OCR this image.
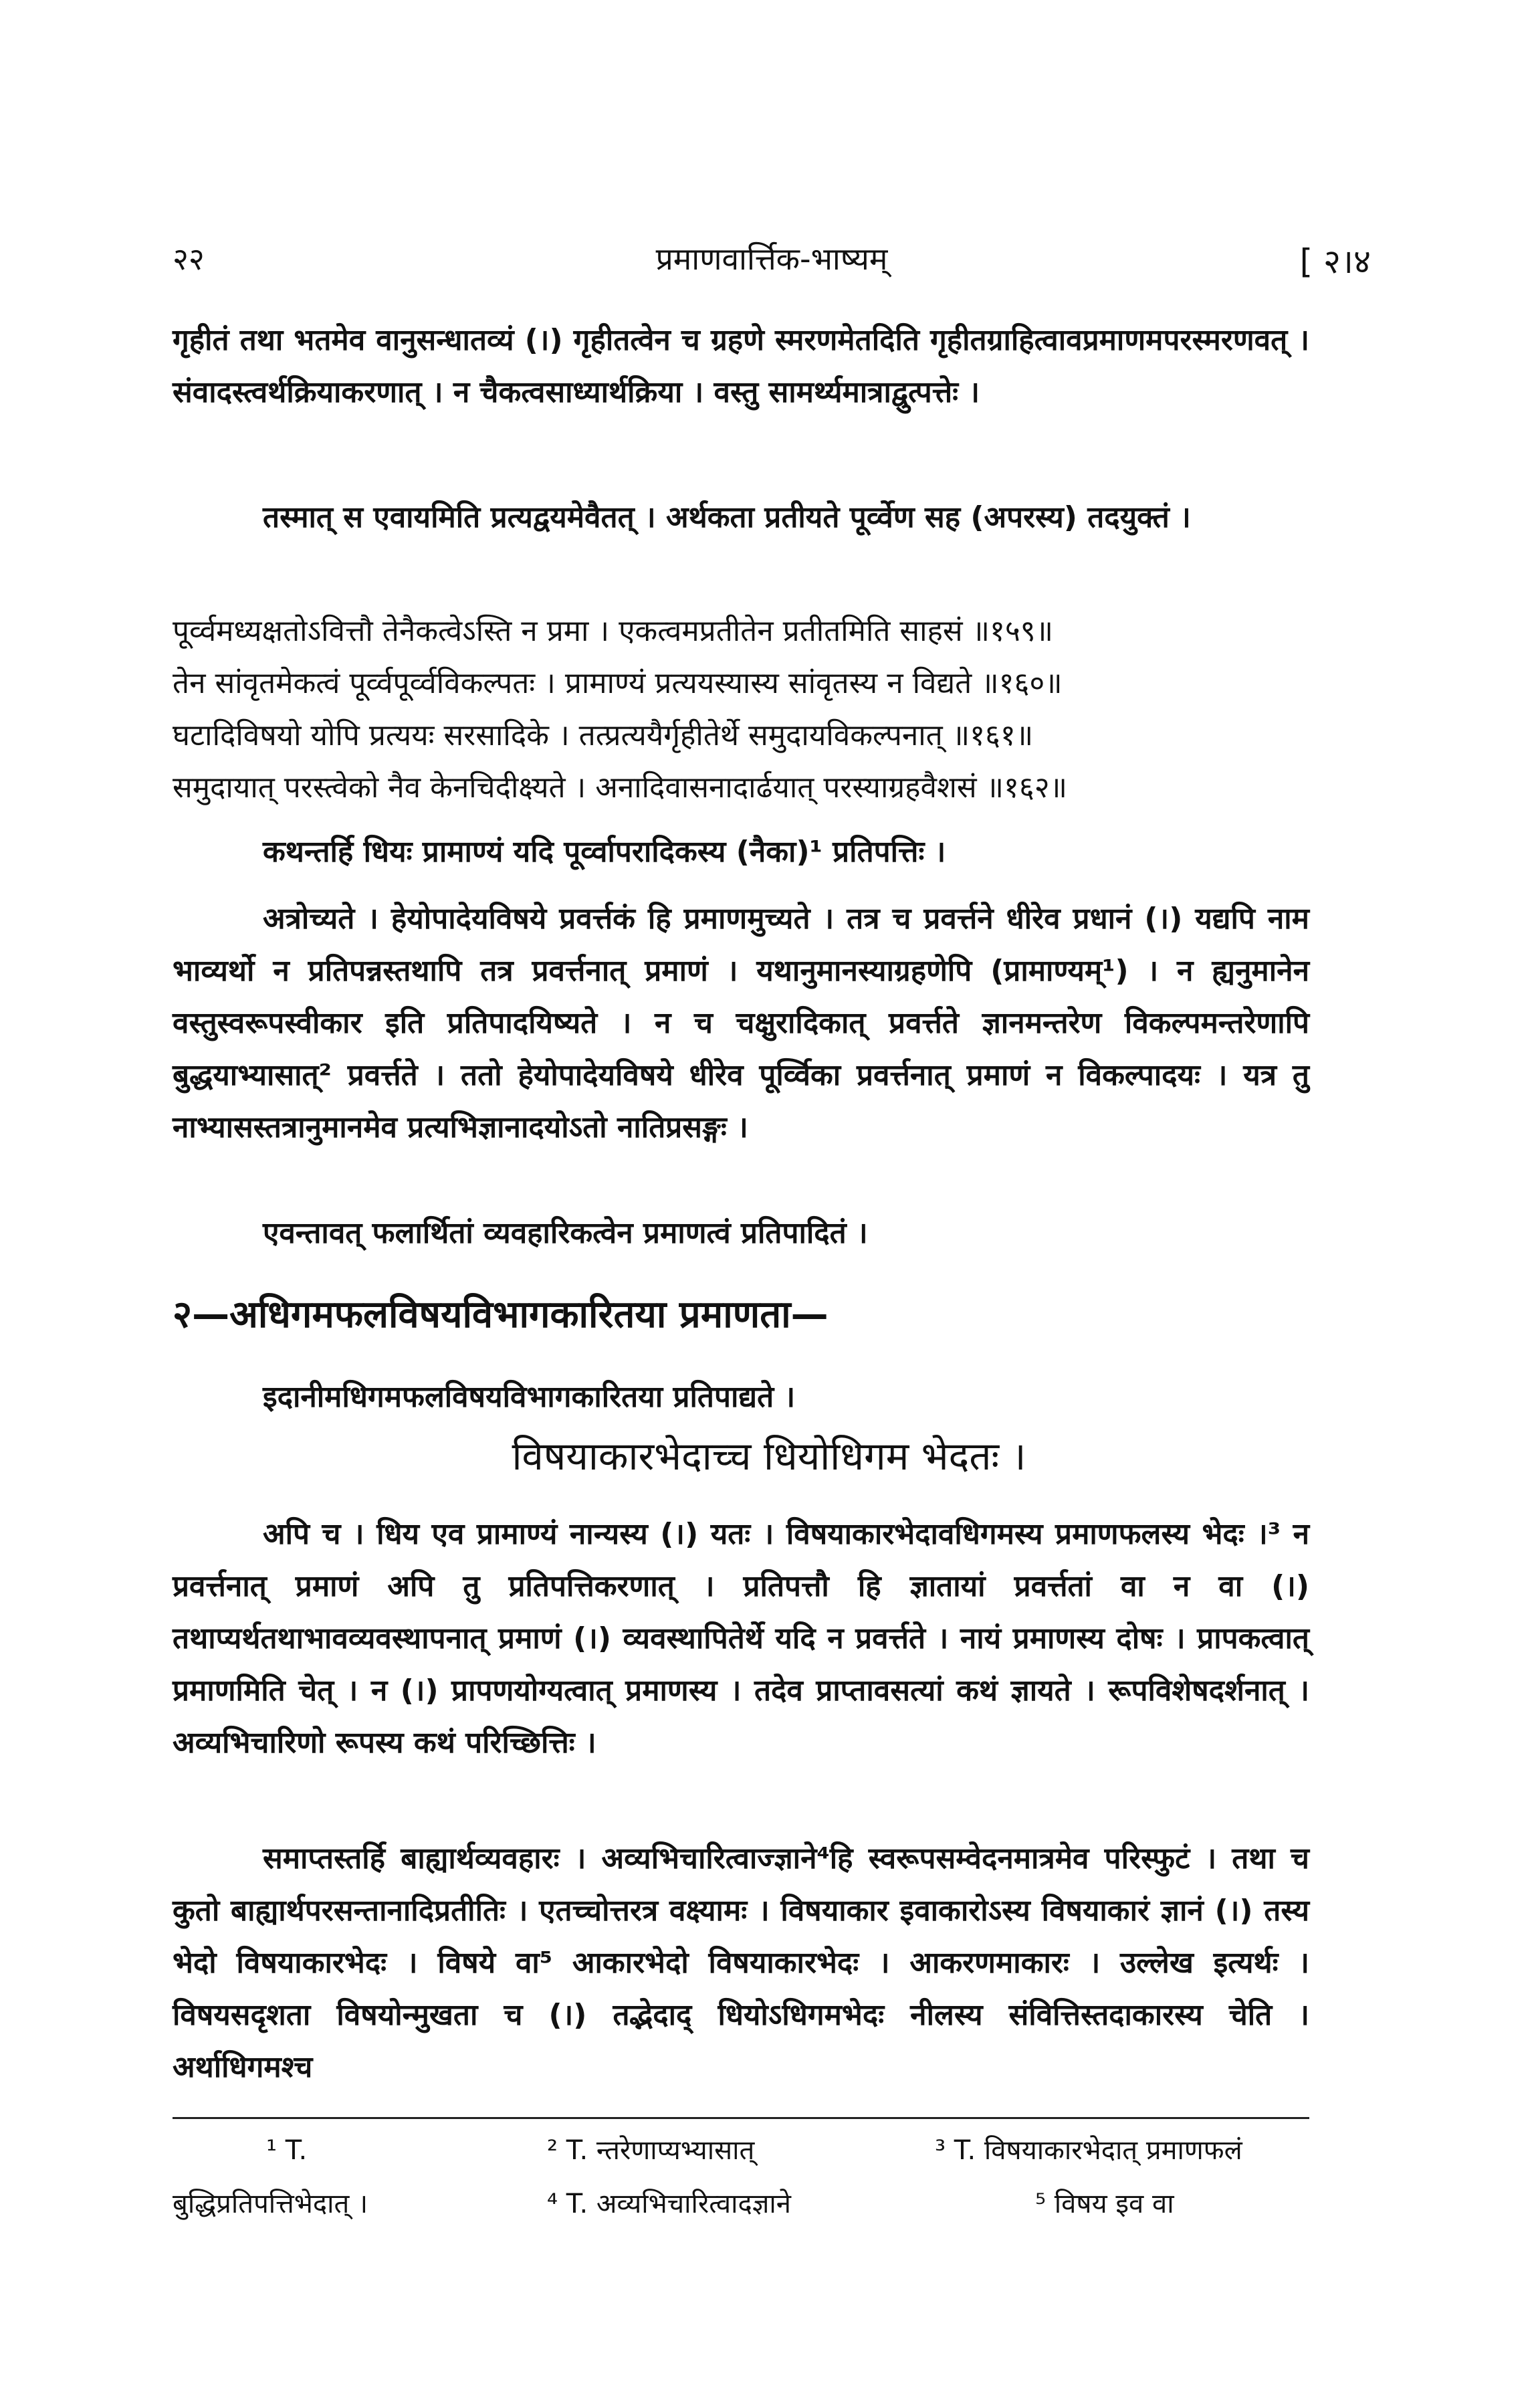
२२	प्रमाणवार्त्तिक-भाष्यम्	[ २।४

गृहीतं तथा भतमेव वानुसन्धातव्यं (।) गृहीतत्वेन च ग्रहणे स्मरणमेतदिति गृहीतग्राहित्वावप्रमाणमपरस्मरणवत् । संवादस्त्वर्थक्रियाकरणात् । न चैकत्वसाध्यार्थक्रिया । वस्तु सामर्थ्यमात्राद्वुत्पत्तेः ।

तस्मात् स एवायमिति प्रत्यद्वयमेवैतत् । अर्थकता प्रतीयते पूर्व्वेण सह (अपरस्य) तदयुक्तं ।

पूर्व्वमध्यक्षतोऽवित्तौ तेनैकत्वेऽस्ति न प्रमा । एकत्वमप्रतीतेन प्रतीतमिति साहसं ॥१५९॥
तेन सांवृतमेकत्वं पूर्व्वपूर्व्वविकल्पतः । प्रामाण्यं प्रत्ययस्यास्य सांवृतस्य न विद्यते ॥१६०॥
घटादिविषयो योपि प्रत्ययः सरसादिके । तत्प्रत्ययैर्गृहीतेर्थे समुदायविकल्पनात् ॥१६१॥
समुदायात् परस्त्वेको नैव केनचिदीक्ष्यते । अनादिवासनादार्ढयात् परस्याग्रहवैशसं ॥१६२॥

कथन्तर्हि धियः प्रामाण्यं यदि पूर्व्वापरादिकस्य (नैका)¹ प्रतिपत्तिः ।

अत्रोच्यते । हेयोपादेयविषये प्रवर्त्तकं हि प्रमाणमुच्यते । तत्र च प्रवर्त्तने धीरेव प्रधानं (।) यद्यपि नाम भाव्यर्थो न प्रतिपन्नस्तथापि तत्र प्रवर्त्तनात् प्रमाणं । यथानुमानस्याग्रहणेपि (प्रामाण्यम्¹) । न ह्यनुमानेन वस्तुस्वरूपस्वीकार इति प्रतिपादयिष्यते । न च चक्षुरादिकात् प्रवर्त्तते ज्ञानमन्तरेण विकल्पमन्तरेणापि बुद्धयाभ्यासात्² प्रवर्त्तते । ततो हेयोपादेयविषये धीरेव पूर्व्विका प्रवर्त्तनात् प्रमाणं न विकल्पादयः । यत्र तु नाभ्यासस्तत्रानुमानमेव प्रत्यभिज्ञानादयोऽतो नातिप्रसङ्गः ।

एवन्तावत् फलार्थितां व्यवहारिकत्वेन प्रमाणत्वं प्रतिपादितं ।

२—अधिगमफलविषयविभागकारितया प्रमाणता—

इदानीमधिगमफलविषयविभागकारितया प्रतिपाद्यते ।

विषयाकारभेदाच्च धियोधिगम भेदतः ।

अपि च । धिय एव प्रामाण्यं नान्यस्य (।) यतः । विषयाकारभेदावधिगमस्य प्रमाणफलस्य भेदः ।³ न प्रवर्त्तनात् प्रमाणं अपि तु प्रतिपत्तिकरणात् । प्रतिपत्तौ हि ज्ञातायां प्रवर्त्ततां वा न वा (।) तथाप्यर्थतथाभावव्यवस्थापनात् प्रमाणं (।) व्यवस्थापितेर्थे यदि न प्रवर्त्तते । नायं प्रमाणस्य दोषः । प्रापकत्वात् प्रमाणमिति चेत् । न (।) प्रापणयोग्यत्वात् प्रमाणस्य । तदेव प्राप्तावसत्यां कथं ज्ञायते । रूपविशेषदर्शनात् । अव्यभिचारिणो रूपस्य कथं परिच्छित्तिः ।

समाप्तस्तर्हि बाह्यार्थव्यवहारः । अव्यभिचारित्वाज्ज्ञाने⁴हि स्वरूपसम्वेदनमात्रमेव परिस्फुटं । तथा च कुतो बाह्यार्थपरसन्तानादिप्रतीतिः । एतच्चोत्तरत्र वक्ष्यामः । विषयाकार इवाकारोऽस्य विषयाकारं ज्ञानं (।) तस्य भेदो विषयाकारभेदः । विषये वा⁵ आकारभेदो विषयाकारभेदः । आकरणमाकारः । उल्लेख इत्यर्थः । विषयसदृशता विषयोन्मुखता च (।) तद्भेदाद् धियोऽधिगमभेदः नीलस्य संवित्तिस्तदाकारस्य चेति । अर्थाधिगमश्च

¹ T.	² T. न्तरेणाप्यभ्यासात्	³ T. विषयाकारभेदात् प्रमाणफलं
बुद्धिप्रतिपत्तिभेदात् ।	⁴ T. अव्यभिचारित्वादज्ञाने	⁵ विषय इव वा
